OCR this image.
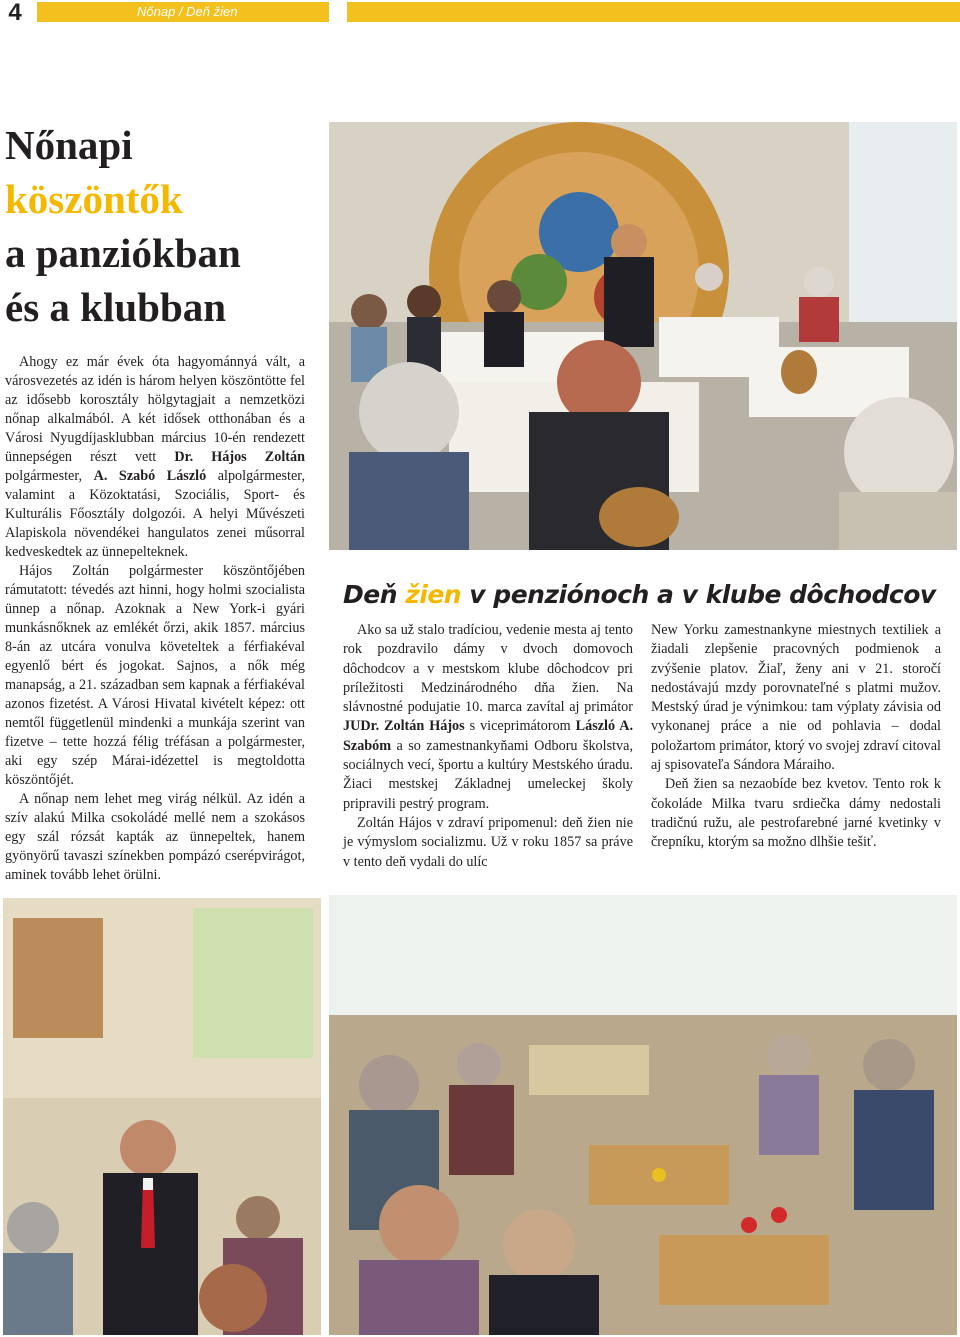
4	Nőnap / Deň žien
Nőnapi
köszöntők
a panziókban
és a klubban

Ahogy ez már évek óta hagyománnyá vált, a városvezetés az idén is három helyen köszöntötte fel az idősebb korosztály hölgytagjait a nemzetközi nőnap alkalmából. A két idősek otthonában és a Városi Nyugdíjasklubban március 10-én rendezett ünnepségen részt vett Dr. Hájos Zoltán polgármester, A. Szabó László alpolgármester, valamint a Közoktatási, Szociális, Sport- és Kulturális Főosztály dolgozói. A helyi Művészeti Alapiskola növendékei hangulatos zenei műsorral kedveskedtek az ünnepelteknek.

Hájos Zoltán polgármester köszöntőjében rámutatott: tévedés azt hinni, hogy holmi szocialista ünnep a nőnap. Azoknak a New York-i gyári munkásnőknek az emlékét őrzi, akik 1857. március 8-án az utcára vonulva követeltek a férfiakéval egyenlő bért és jogokat. Sajnos, a nők még manapság, a 21. században sem kapnak a férfiakéval azonos fizetést. A Városi Hivatal kivételt képez: ott nemtől függetlenül mindenki a munkája szerint van fizetve – tette hozzá félig tréfásan a polgármester, aki egy szép Márai-idézettel is megtoldotta köszöntőjét.

A nőnap nem lehet meg virág nélkül. Az idén a szív alakú Milka csokoládé mellé nem a szokásos egy szál rózsát kapták az ünnepeltek, hanem gyönyörű tavaszi színekben pompázó cserépvirágot, aminek tovább lehet örülni.

Deň žien v penziónoch a v klube dôchodcov

Ako sa už stalo tradíciou, vedenie mesta aj tento rok pozdravilo dámy v dvoch domovoch dôchodcov a v mestskom klube dôchodcov pri príležitosti Medzinárodného dňa žien. Na slávnostné podujatie 10. marca zavítal aj primátor JUDr. Zoltán Hájos s viceprimátorom László A. Szabóm a so zamestnankyňami Odboru školstva, sociálnych vecí, športu a kultúry Mestského úradu. Žiaci mestskej Základnej umeleckej školy pripravili pestrý program.

Zoltán Hájos v zdraví pripomenul: deň žien nie je výmyslom socializmu. Už v roku 1857 sa práve v tento deň vydali do ulíc

New Yorku zamestnankyne miestnych textiliek a žiadali zlepšenie pracovných podmienok a zvýšenie platov. Žiaľ, ženy ani v 21. storočí nedostávajú mzdy porovnateľné s platmi mužov. Mestský úrad je výnimkou: tam výplaty závisia od vykonanej práce a nie od pohlavia – dodal položartom primátor, ktorý vo svojej zdraví citoval aj spisovateľa Sándora Máraiho.

Deň žien sa nezaobíde bez kvetov. Tento rok k čokoláde Milka tvaru srdiečka dámy nedostali tradičnú ružu, ale pestrofarebné jarné kvetinky v črepníku, ktorým sa možno dlhšie tešiť.
